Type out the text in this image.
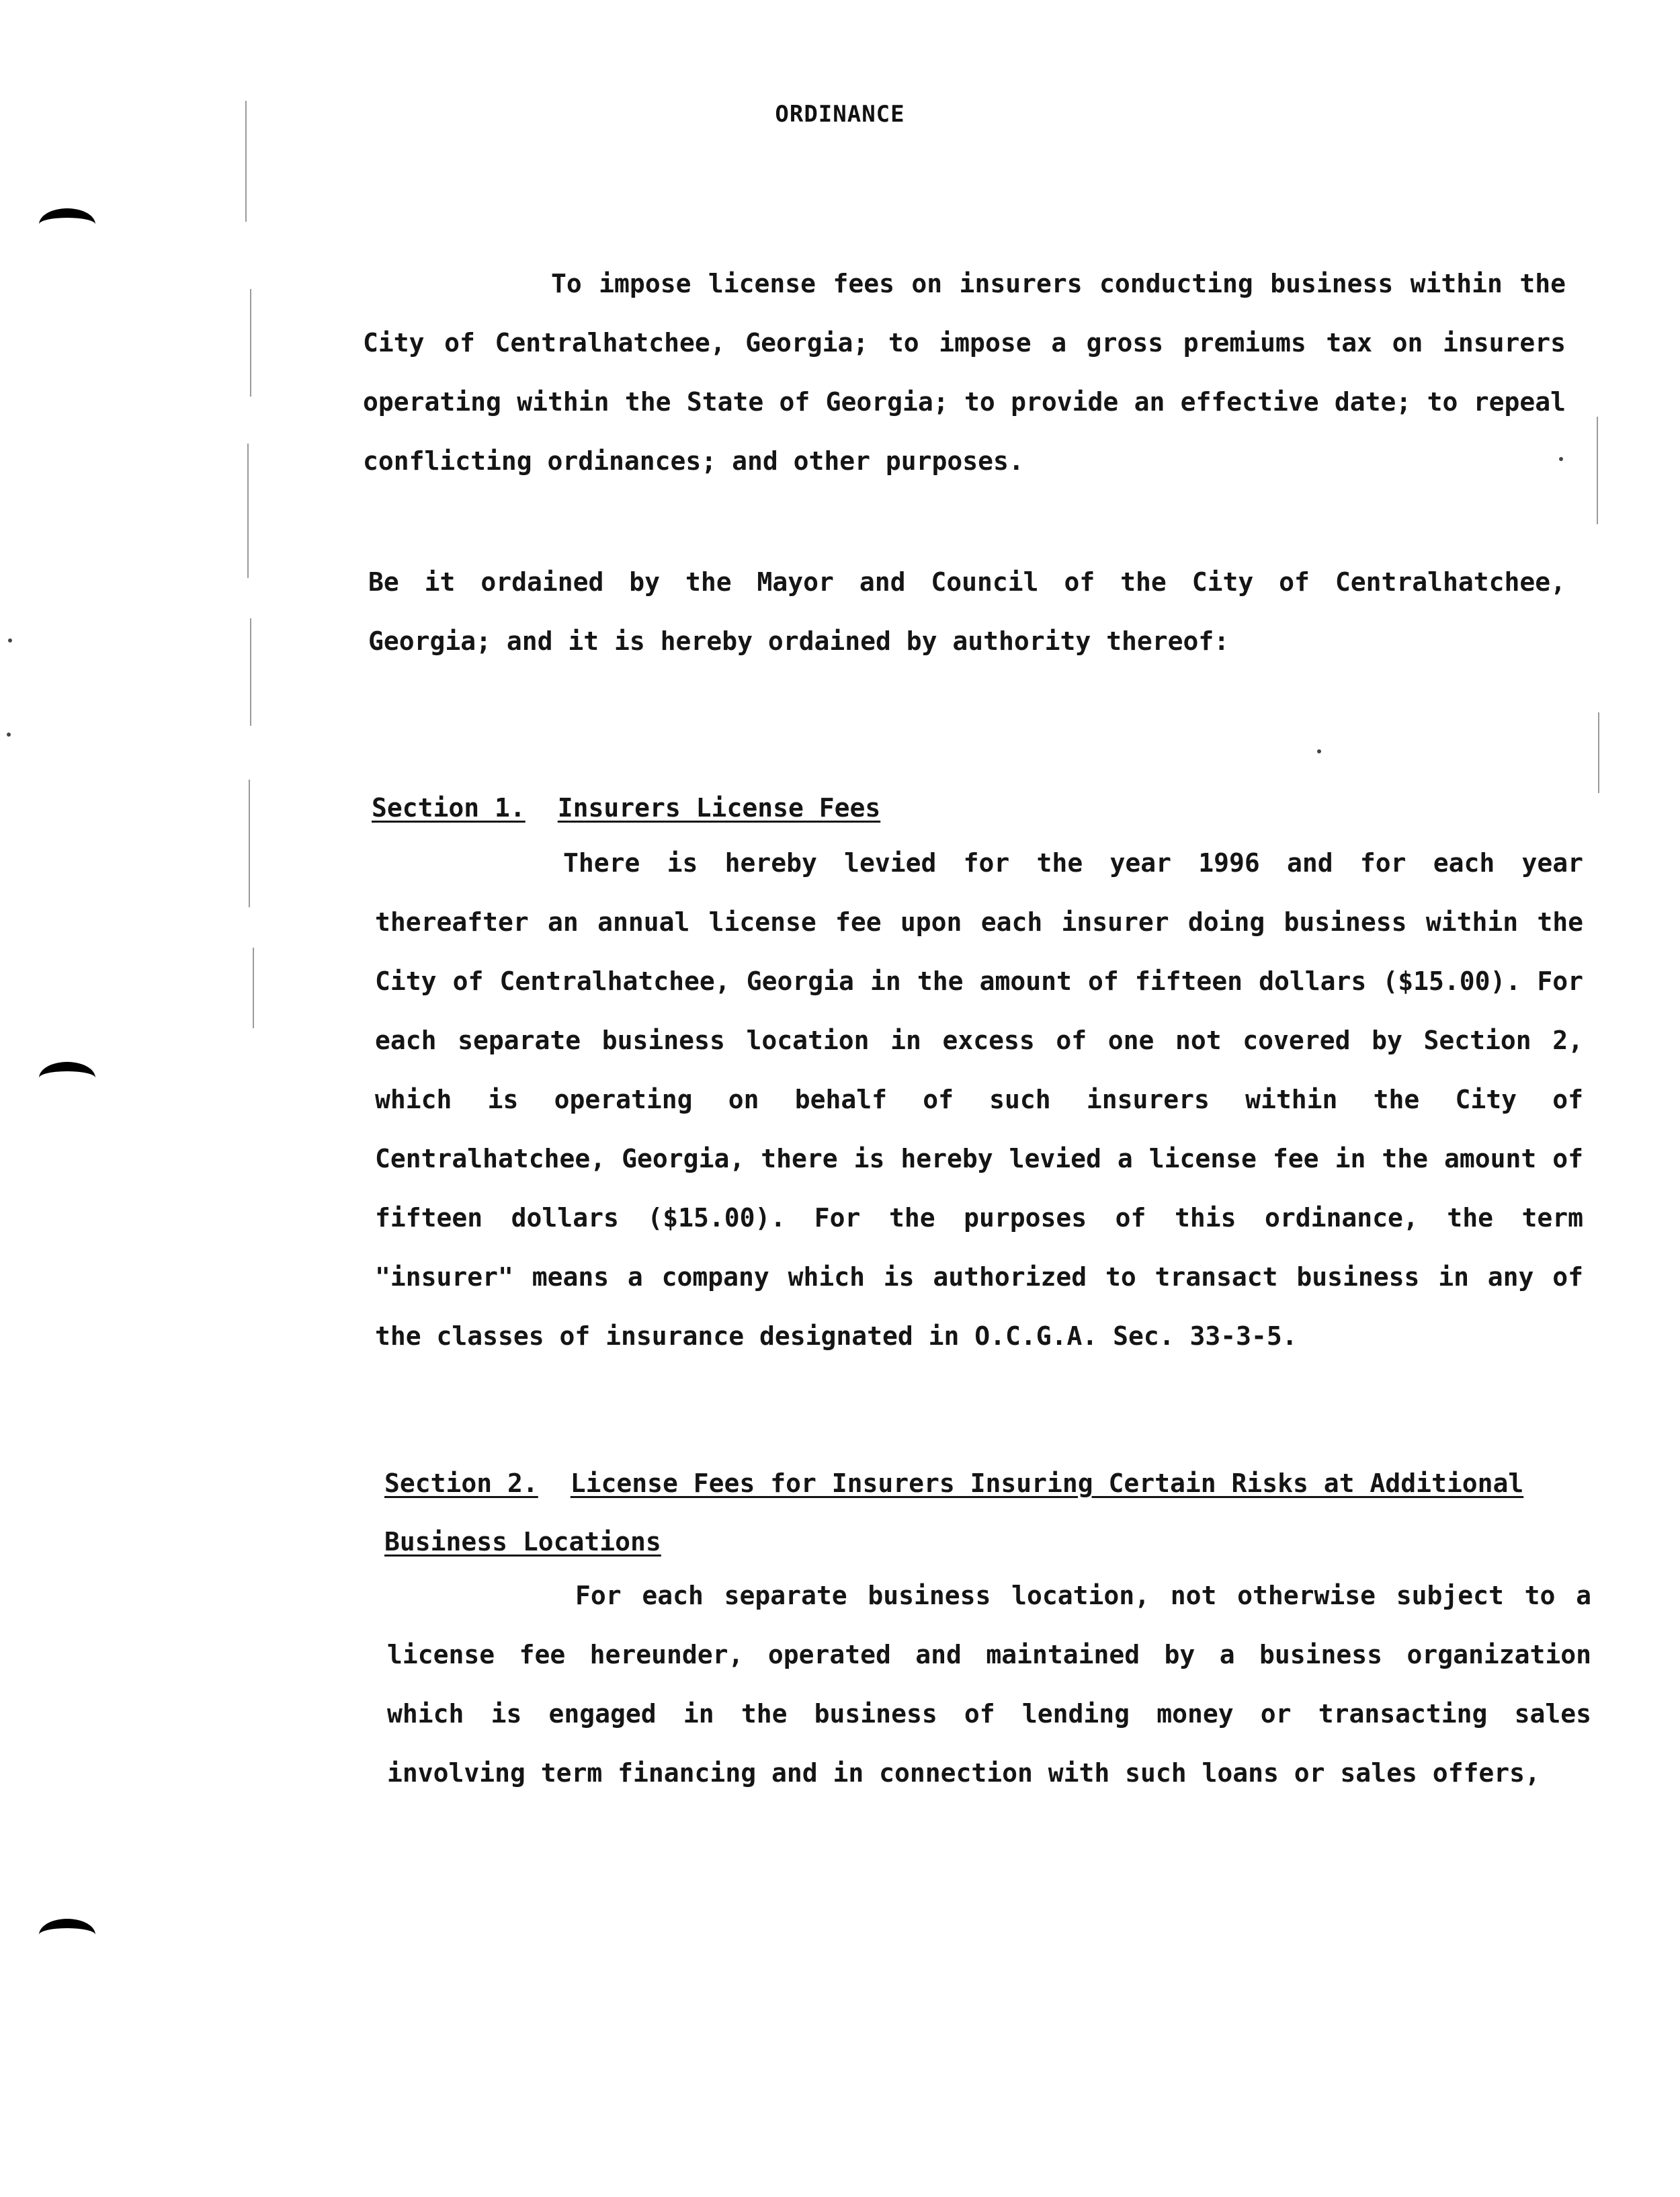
ORDINANCE
To impose license fees on insurers conducting business within the City of Centralhatchee, Georgia; to impose a gross premiums tax on insurers operating within the State of Georgia; to provide an effective date; to repeal conflicting ordinances; and other purposes.
Be it ordained by the Mayor and Council of the City of Centralhatchee, Georgia; and it is hereby ordained by authority thereof:
Section 1. Insurers License Fees
There is hereby levied for the year 1996 and for each year thereafter an annual license fee upon each insurer doing business within the City of Centralhatchee, Georgia in the amount of fifteen dollars ($15.00). For each separate business location in excess of one not covered by Section 2, which is operating on behalf of such insurers within the City of Centralhatchee, Georgia, there is hereby levied a license fee in the amount of fifteen dollars ($15.00). For the purposes of this ordinance, the term "insurer" means a company which is authorized to transact business in any of the classes of insurance designated in O.C.G.A. Sec. 33-3-5.
Section 2. License Fees for Insurers Insuring Certain Risks at Additional
Business Locations
For each separate business location, not otherwise subject to a license fee hereunder, operated and maintained by a business organization which is engaged in the business of lending money or transacting sales involving term financing and in connection with such loans or sales offers,
